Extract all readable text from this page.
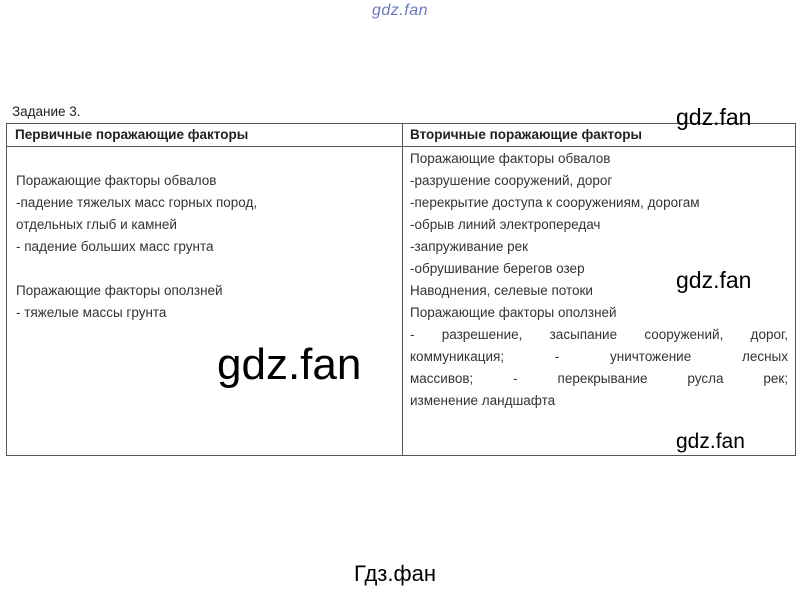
gdz.fan
Задание 3.
Первичные поражающие факторы	Вторичные поражающие факторы
Поражающие факторы обвалов
-падение тяжелых масс горных пород,
отдельных глыб и камней
- падение больших масс грунта
Поражающие факторы оползней
- тяжелые массы грунта
Поражающие факторы обвалов
-разрушение сооружений, дорог
-перекрытие доступа к сооружениям, дорогам
-обрыв линий электропередач
-запруживание рек
-обрушивание берегов озер
Наводнения, селевые потоки
Поражающие факторы оползней
- разрешение, засыпание сооружений, дорог,
коммуникация; - уничтожение лесных
массивов; - перекрывание русла рек;
изменение ландшафта
gdz.fan
gdz.fan
gdz.fan
gdz.fan
Гдз.фан
